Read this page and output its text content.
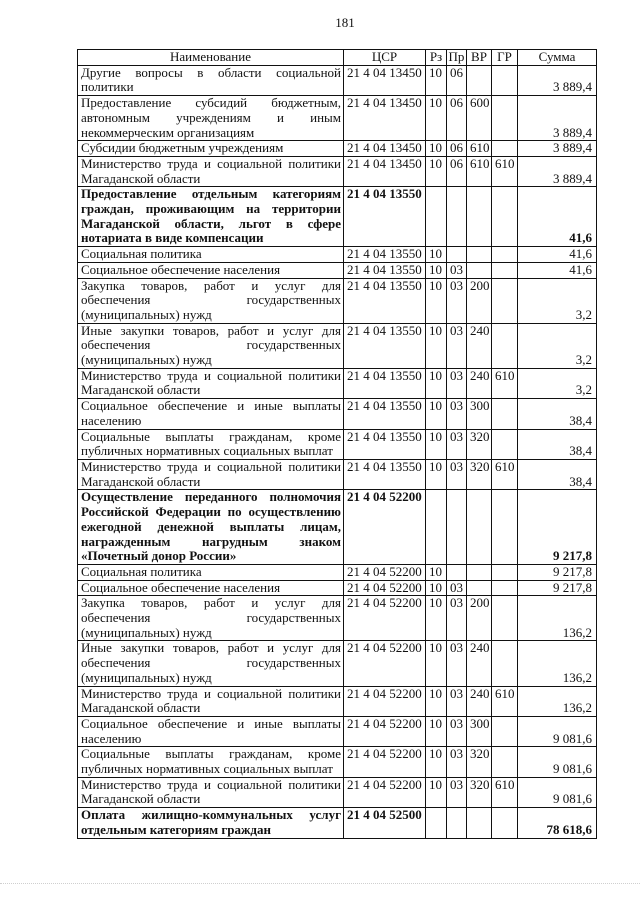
181
Наименование	ЦСР	Рз	Пр	ВР	ГР	Сумма

Другие вопросы в области социальной
политики	21 4 04 13450	10	06			3 889,4

Предоставление субсидий бюджетным,
автономным учреждениям и иным
некоммерческим организациям	21 4 04 13450	10	06	600		3 889,4

Субсидии бюджетным учреждениям	21 4 04 13450	10	06	610		3 889,4

Министерство труда и социальной политики
Магаданской области	21 4 04 13450	10	06	610	610	3 889,4

Предоставление отдельным категориям
граждан, проживающим на территории
Магаданской области, льгот в сфере
нотариата в виде компенсации	21 4 04 13550					41,6

Социальная политика	21 4 04 13550	10				41,6

Социальное обеспечение населения	21 4 04 13550	10	03			41,6

Закупка товаров, работ и услуг для
обеспечения государственных
(муниципальных) нужд	21 4 04 13550	10	03	200		3,2

Иные закупки товаров, работ и услуг для
обеспечения государственных
(муниципальных) нужд	21 4 04 13550	10	03	240		3,2

Министерство труда и социальной политики
Магаданской области	21 4 04 13550	10	03	240	610	3,2

Социальное обеспечение и иные выплаты
населению	21 4 04 13550	10	03	300		38,4

Социальные выплаты гражданам, кроме
публичных нормативных социальных выплат	21 4 04 13550	10	03	320		38,4

Министерство труда и социальной политики
Магаданской области	21 4 04 13550	10	03	320	610	38,4

Осуществление переданного полномочия
Российской Федерации по осуществлению
ежегодной денежной выплаты лицам,
награжденным нагрудным знаком
«Почетный донор России»	21 4 04 52200					9 217,8

Социальная политика	21 4 04 52200	10				9 217,8

Социальное обеспечение населения	21 4 04 52200	10	03			9 217,8

Закупка товаров, работ и услуг для
обеспечения государственных
(муниципальных) нужд	21 4 04 52200	10	03	200		136,2

Иные закупки товаров, работ и услуг для
обеспечения государственных
(муниципальных) нужд	21 4 04 52200	10	03	240		136,2

Министерство труда и социальной политики
Магаданской области	21 4 04 52200	10	03	240	610	136,2

Социальное обеспечение и иные выплаты
населению	21 4 04 52200	10	03	300		9 081,6

Социальные выплаты гражданам, кроме
публичных нормативных социальных выплат	21 4 04 52200	10	03	320		9 081,6

Министерство труда и социальной политики
Магаданской области	21 4 04 52200	10	03	320	610	9 081,6

Оплата жилищно-коммунальных услуг
отдельным категориям граждан	21 4 04 52500					78 618,6
